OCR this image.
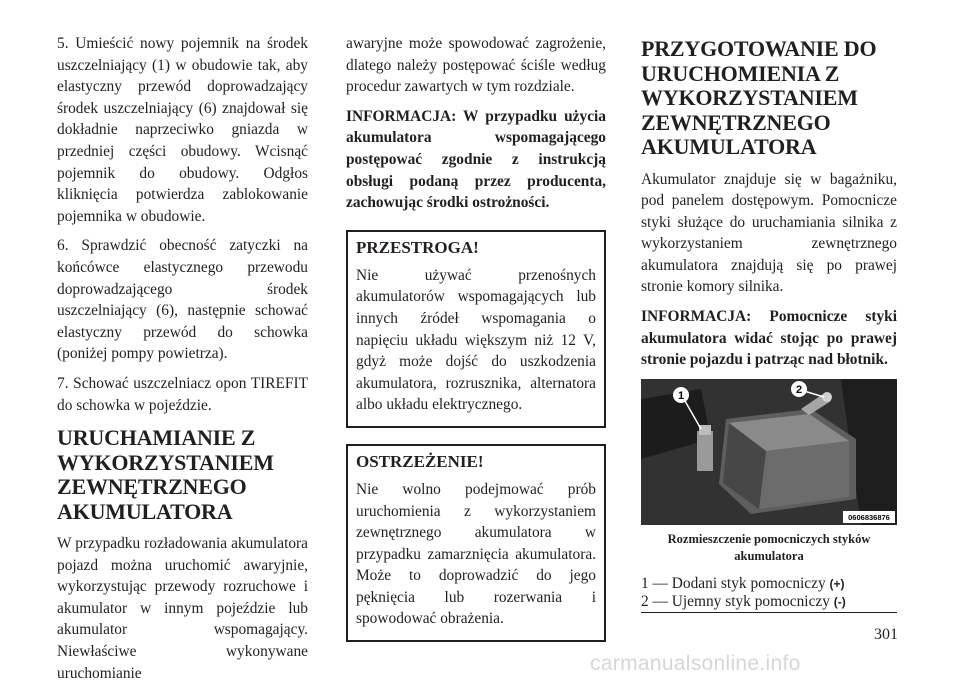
5. Umieścić nowy pojemnik na środek uszczelniający (1) w obudowie tak, aby elastyczny przewód doprowadzający środek uszczelniający (6) znajdował się dokładnie naprzeciwko gniazda w przedniej części obudowy. Wcisnąć pojemnik do obudowy. Odgłos kliknięcia potwierdza zablokowanie pojemnika w obudowie.

6. Sprawdzić obecność zatyczki na końcówce elastycznego przewodu doprowadzającego środek uszczelniający (6), następnie schować elastyczny przewód do schowka (poniżej pompy powietrza).

7. Schować uszczelniacz opon TIREFIT do schowka w pojeździe.

URUCHAMIANIE Z WYKORZYSTANIEM ZEWNĘTRZNEGO AKUMULATORA

W przypadku rozładowania akumulatora pojazd można uruchomić awaryjnie, wykorzystując przewody rozruchowe i akumulator w innym pojeździe lub akumulator wspomagający. Niewłaściwe wykonywane uruchomianie

awaryjne może spowodować zagrożenie, dlatego należy postępować ściśle według procedur zawartych w tym rozdziale.

INFORMACJA: W przypadku użycia akumulatora wspomagającego postępować zgodnie z instrukcją obsługi podaną przez producenta, zachowując środki ostrożności.

PRZESTROGA!

Nie używać przenośnych akumulatorów wspomagających lub innych źródeł wspomagania o napięciu układu większym niż 12 V, gdyż może dojść do uszkodzenia akumulatora, rozrusznika, alternatora albo układu elektrycznego.

OSTRZEŻENIE!

Nie wolno podejmować prób uruchomienia z wykorzystaniem zewnętrznego akumulatora w przypadku zamarznięcia akumulatora. Może to doprowadzić do jego pęknięcia lub rozerwania i spowodować obrażenia.

PRZYGOTOWANIE DO URUCHOMIENIA Z WYKORZYSTANIEM ZEWNĘTRZNEGO AKUMULATORA

Akumulator znajduje się w bagażniku, pod panelem dostępowym. Pomocnicze styki służące do uruchamiania silnika z wykorzystaniem zewnętrznego akumulatora znajdują się po prawej stronie komory silnika.

INFORMACJA: Pomocnicze styki akumulatora widać stojąc po prawej stronie pojazdu i patrząc nad błotnik.

1	2
0606836876
Rozmieszczenie pomocniczych styków akumulatora
1 — Dodani styk pomocniczy (+)
2 — Ujemny styk pomocniczy (-)
301
carmanualsonline.info
